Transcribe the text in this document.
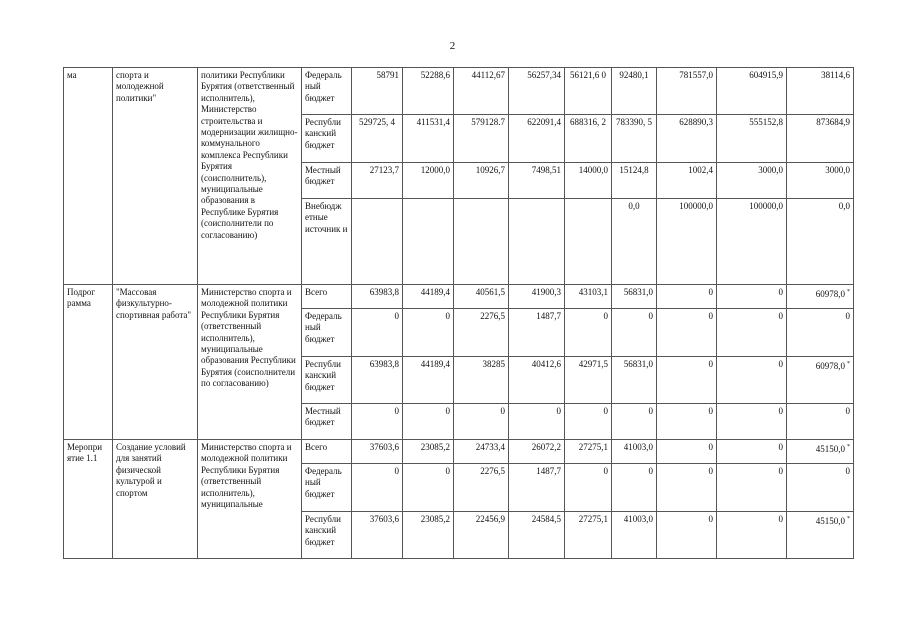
2
ма	спорта и молодежной политики"	политики Республики Бурятия (ответственный исполнитель), Министерство строительства и модернизации жилищно-коммунального комплекса Республики Бурятия (соисполнитель), муниципальные образования в Республике Бурятия (соисполнители по согласованию)	Федераль ный бюджет	58791	52288,6	44112,67	56257,34	56121,6 0	92480,1	781557,0	604915,9	38114,6
			Республи канский бюджет	529725, 4	411531,4	579128.7	622091,4	688316, 2	783390, 5	628890,3	555152,8	873684,9
			Местный бюджет	27123,7	12000,0	10926,7	7498,51	14000,0	15124,8	1002,4	3000,0	3000,0
			Внебюдж етные источник и						0,0	100000,0	100000,0	0,0
Подрог рамма	"Массовая физкультурно-спортивная работа"	Министерство спорта и молодежной политики Республики Бурятия (ответственный исполнитель), муниципальные образования Республики Бурятия (соисполнители по согласованию)	Всего	63983,8	44189,4	40561,5	41900,3	43103,1	56831,0	0	0	60978,0 *
			Федераль ный бюджет	0	0	2276,5	1487,7	0	0	0	0	0
			Республи канский бюджет	63983,8	44189,4	38285	40412,6	42971,5	56831,0	0	0	60978,0 *
			Местный бюджет	0	0	0	0	0	0	0	0	0
Меропри ятие 1.1	Создание условий для занятий физической культурой и спортом	Министерство спорта и молодежной политики Республики Бурятия (ответственный исполнитель), муниципальные	Всего	37603,6	23085,2	24733,4	26072,2	27275,1	41003,0	0	0	45150,0 *
			Федераль ный бюджет	0	0	2276,5	1487,7	0	0	0	0	0
			Республи канский бюджет	37603,6	23085,2	22456,9	24584,5	27275,1	41003,0	0	0	45150,0 *
